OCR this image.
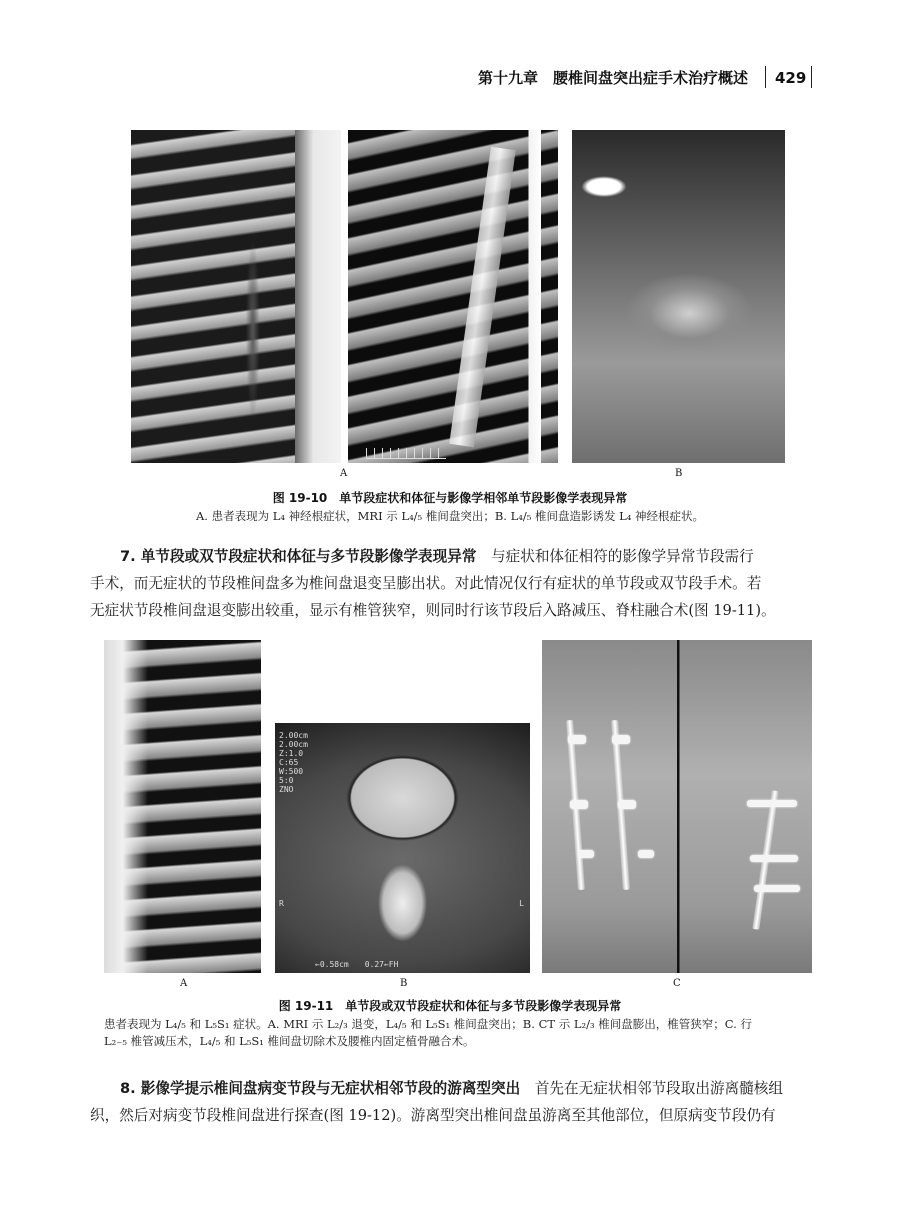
第十九章　腰椎间盘突出症手术治疗概述	429
A	B
图 19-10　单节段症状和体征与影像学相邻单节段影像学表现异常
A. 患者表现为 L₄ 神经根症状，MRI 示 L₄/₅ 椎间盘突出；B. L₄/₅ 椎间盘造影诱发 L₄ 神经根症状。
7. 单节段或双节段症状和体征与多节段影像学表现异常　与症状和体征相符的影像学异常节段需行
手术，而无症状的节段椎间盘多为椎间盘退变呈膨出状。对此情况仅行有症状的单节段或双节段手术。若
无症状节段椎间盘退变膨出较重，显示有椎管狭窄，则同时行该节段后入路减压、脊柱融合术(图 19-11)。
2.00cm
2.00cm
Z:1.0
C:65
W:500
5:0
ZNO
R	L
←0.58cm　　0.27←FH
A	B	C
图 19-11　单节段或双节段症状和体征与多节段影像学表现异常
患者表现为 L₄/₅ 和 L₅S₁ 症状。A. MRI 示 L₂/₃ 退变，L₄/₅ 和 L₅S₁ 椎间盘突出；B. CT 示 L₂/₃ 椎间盘膨出，椎管狭窄；C. 行
L₂₋₅ 椎管减压术，L₄/₅ 和 L₅S₁ 椎间盘切除术及腰椎内固定植骨融合术。
8. 影像学提示椎间盘病变节段与无症状相邻节段的游离型突出　首先在无症状相邻节段取出游离髓核组
织，然后对病变节段椎间盘进行探查(图 19-12)。游离型突出椎间盘虽游离至其他部位，但原病变节段仍有
